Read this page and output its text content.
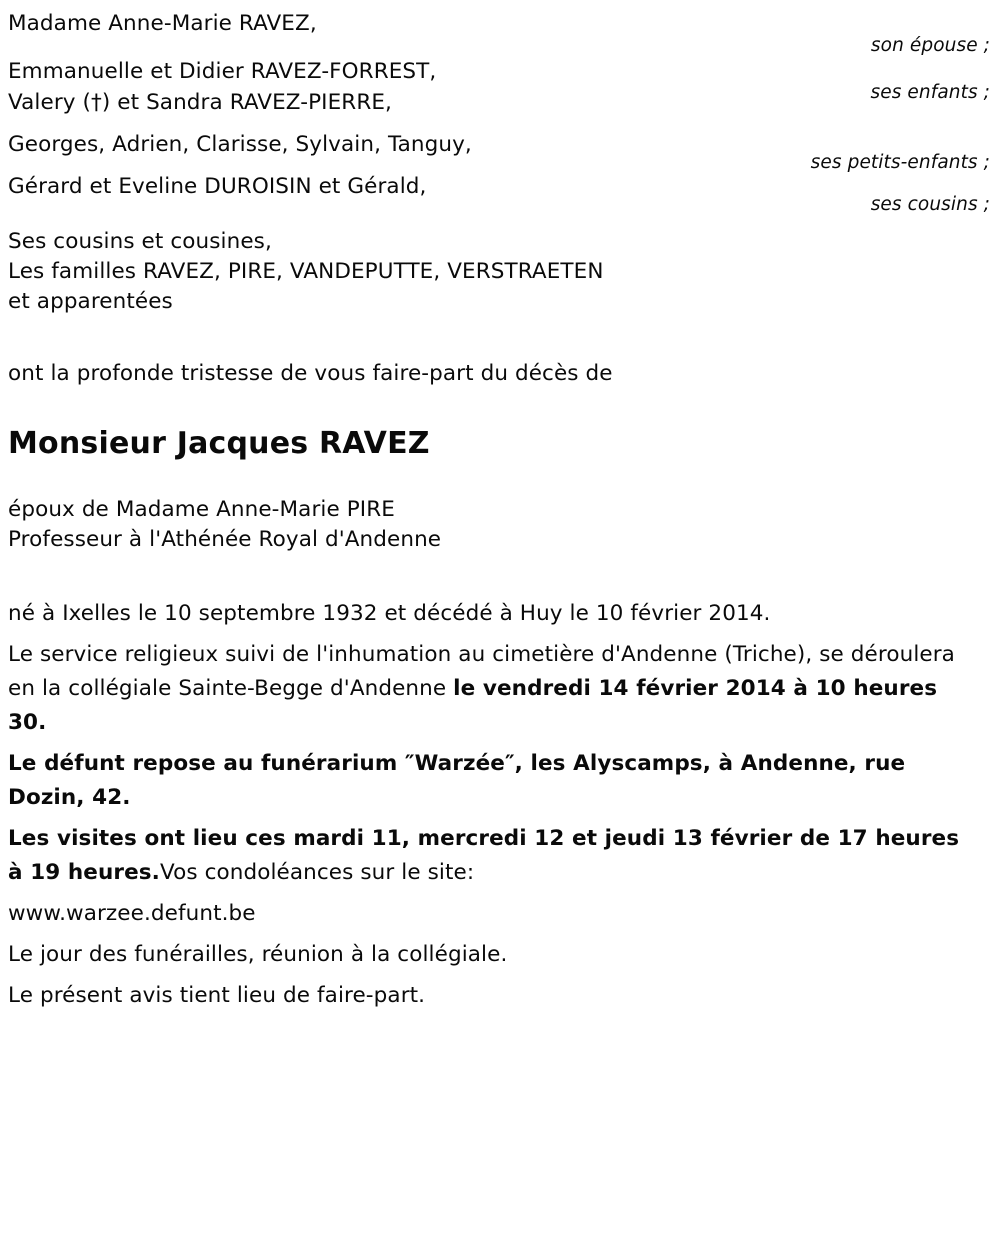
Madame Anne-Marie RAVEZ,
son épouse ;
Emmanuelle et Didier RAVEZ-FORREST,
Valery (†) et Sandra RAVEZ-PIERRE,	ses enfants ;
Georges, Adrien, Clarisse, Sylvain, Tanguy,
ses petits-enfants ;
Gérard et Eveline DUROISIN et Gérald,
ses cousins ;
Ses cousins et cousines,
Les familles RAVEZ, PIRE, VANDEPUTTE, VERSTRAETEN
et apparentées
ont la profonde tristesse de vous faire-part du décès de
Monsieur Jacques RAVEZ
époux de Madame Anne-Marie PIRE
Professeur à l'Athénée Royal d'Andenne
né à Ixelles le 10 septembre 1932 et décédé à Huy le 10 février 2014.
Le service religieux suivi de l'inhumation au cimetière d'Andenne (Triche), se déroulera en la collégiale Sainte-Begge d'Andenne le vendredi 14 février 2014 à 10 heures 30.
Le défunt repose au funérarium ″Warzée″, les Alyscamps, à Andenne, rue Dozin, 42.
Les visites ont lieu ces mardi 11, mercredi 12 et jeudi 13 février de 17 heures à 19 heures.Vos condoléances sur le site:
www.warzee.defunt.be
Le jour des funérailles, réunion à la collégiale.
Le présent avis tient lieu de faire-part.
